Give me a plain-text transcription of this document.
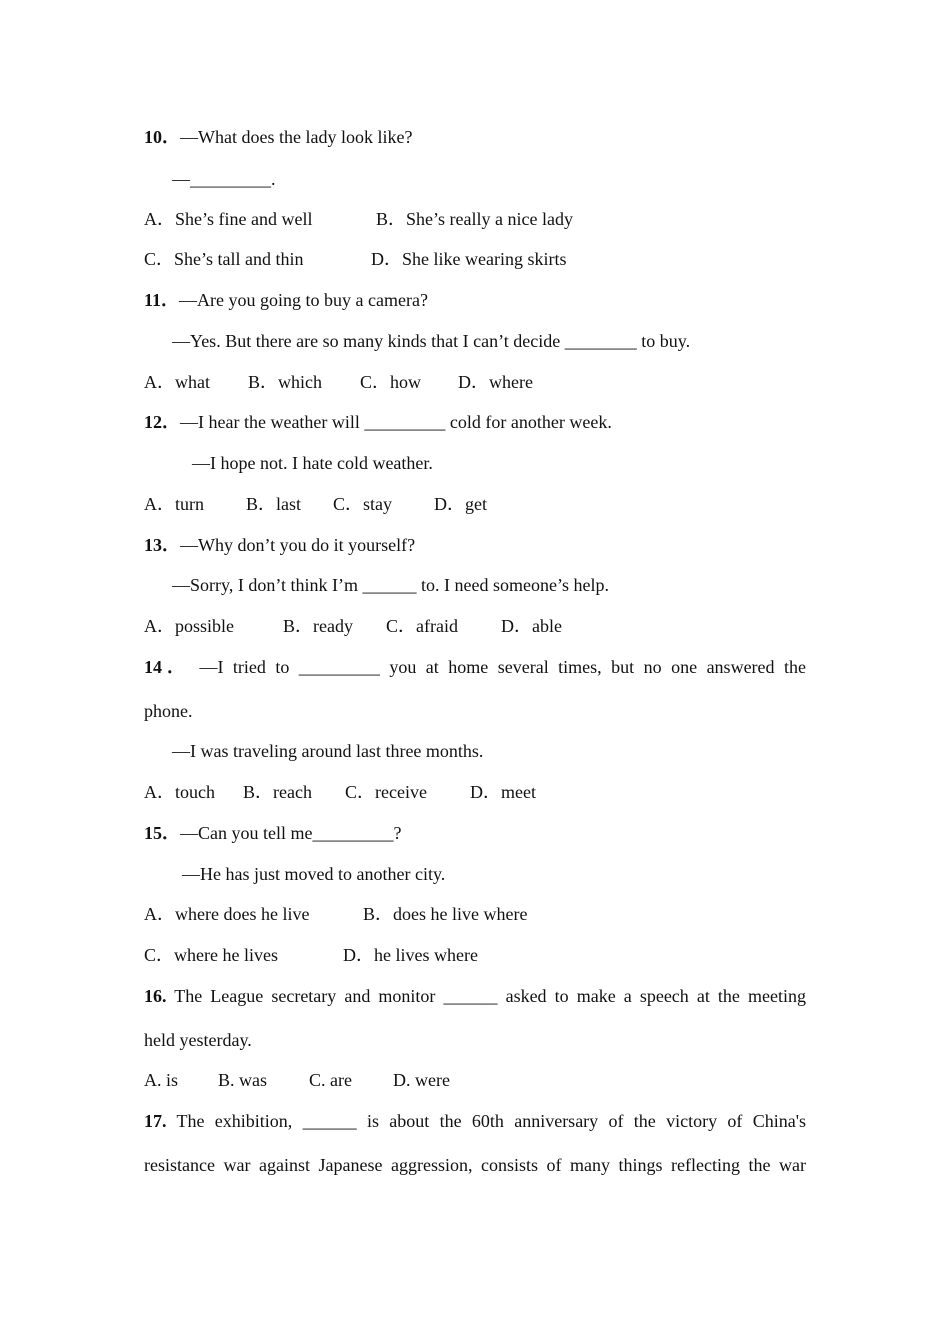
10．—What does the lady look like?
—_________.
A．She’s fine and well	B．She’s really a nice lady
C．She’s tall and thin	D．She like wearing skirts
11．—Are you going to buy a camera?
—Yes. But there are so many kinds that I can’t decide ________ to buy.
A．what B．which C．how D．where
12．—I hear the weather will _________ cold for another week.
—I hope not. I hate cold weather.
A．turn B．last C．stay D．get
13．—Why don’t you do it yourself?
—Sorry, I don’t think I’m ______ to. I need someone’s help.
A．possible	B．ready C．afraid D．able
14． —I tried to _________ you at home several times, but no one answered the
phone.
—I was traveling around last three months.
A．touch B．reach C．receive D．meet
15．—Can you tell me_________?
—He has just moved to another city.
A．where does he live	B．does he live where
C．where he lives	D．he lives where
16. The League secretary and monitor ______ asked to make a speech at the meeting
held yesterday.
A. is B. was C. are D. were
17. The exhibition, ______ is about the 60th anniversary of the victory of China's
resistance war against Japanese aggression, consists of many things reflecting the war
